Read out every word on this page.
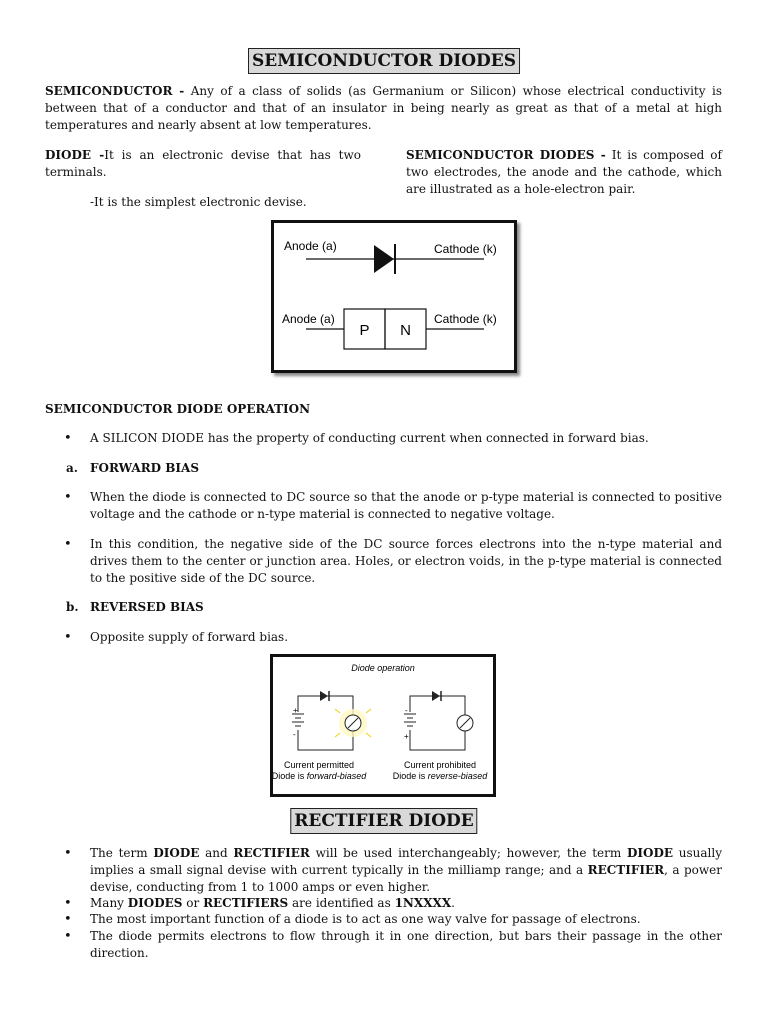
SEMICONDUCTOR DIODES
SEMICONDUCTOR - Any of a class of solids (as Germanium or Silicon) whose electrical conductivity is between that of a conductor and that of an insulator in being nearly as great as that of a metal at high temperatures and nearly absent at low temperatures.
DIODE -It is an electronic devise that has two terminals.
-It is the simplest electronic devise.
SEMICONDUCTOR DIODES - It is composed of two electrodes, the anode and the cathode, which are illustrated as a hole-electron pair.
Anode (a)	Cathode (k)
Anode (a)	Cathode (k)
P N
SEMICONDUCTOR DIODE OPERATION
• A SILICON DIODE has the property of conducting current when connected in forward bias.
a. FORWARD BIAS
• When the diode is connected to DC source so that the anode or p-type material is connected to positive voltage and the cathode or n-type material is connected to negative voltage.
• In this condition, the negative side of the DC source forces electrons into the n-type material and drives them to the center or junction area. Holes, or electron voids, in the p-type material is connected to the positive side of the DC source.
b. REVERSED BIAS
• Opposite supply of forward bias.
Diode operation
+
-
-
+
Current permitted
Diode is forward-biased
Current prohibited
Diode is reverse-biased
RECTIFIER DIODE
• The term DIODE and RECTIFIER will be used interchangeably; however, the term DIODE usually implies a small signal devise with current typically in the milliamp range; and a RECTIFIER, a power devise, conducting from 1 to 1000 amps or even higher.
• Many DIODES or RECTIFIERS are identified as 1NXXXX.
• The most important function of a diode is to act as one way valve for passage of electrons.
• The diode permits electrons to flow through it in one direction, but bars their passage in the other direction.
